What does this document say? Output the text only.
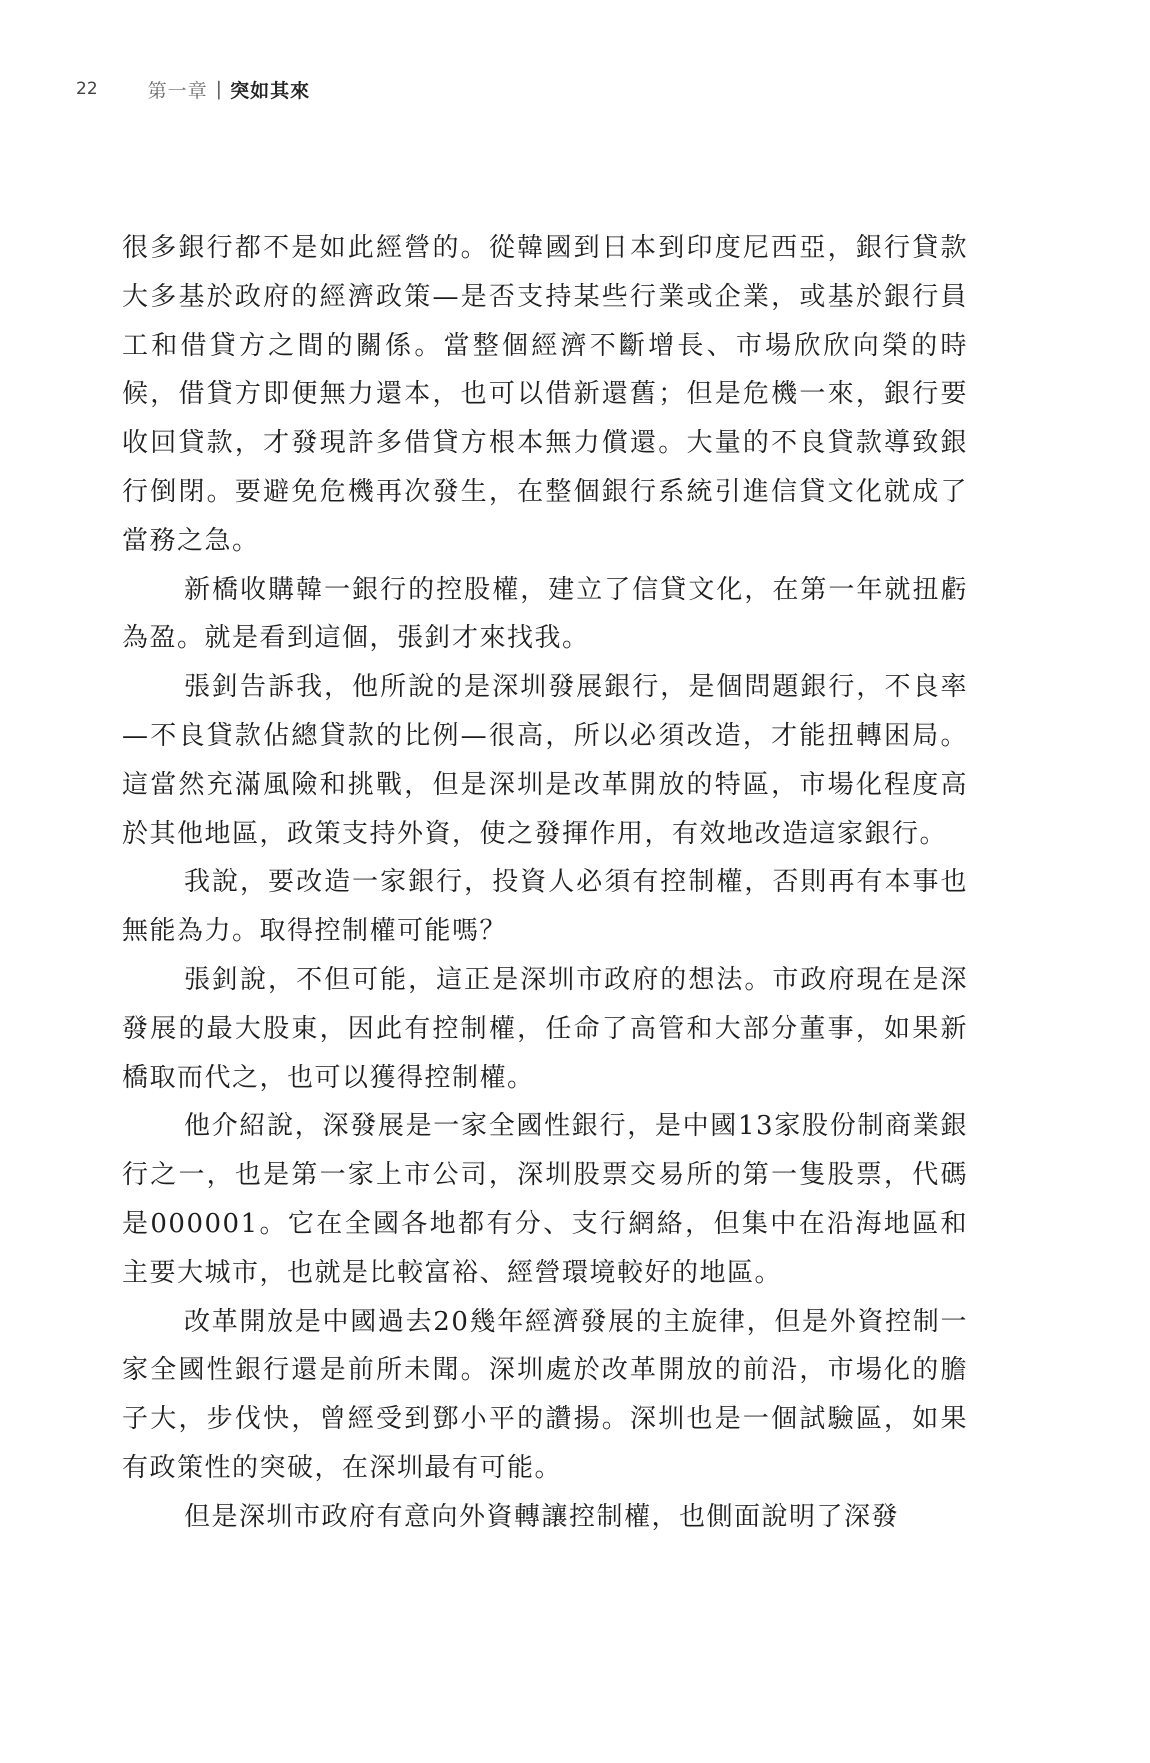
22	第一章 | 突如其來

很多銀行都不是如此經營的。從韓國到日本到印度尼西亞，銀行貸款大多基於政府的經濟政策—是否支持某些行業或企業，或基於銀行員工和借貸方之間的關係。當整個經濟不斷增長、市場欣欣向榮的時候，借貸方即便無力還本，也可以借新還舊；但是危機一來，銀行要收回貸款，才發現許多借貸方根本無力償還。大量的不良貸款導致銀行倒閉。要避免危機再次發生，在整個銀行系統引進信貸文化就成了當務之急。

新橋收購韓一銀行的控股權，建立了信貸文化，在第一年就扭虧為盈。就是看到這個，張釗才來找我。

張釗告訴我，他所說的是深圳發展銀行，是個問題銀行，不良率—不良貸款佔總貸款的比例—很高，所以必須改造，才能扭轉困局。這當然充滿風險和挑戰，但是深圳是改革開放的特區，市場化程度高於其他地區，政策支持外資，使之發揮作用，有效地改造這家銀行。

我說，要改造一家銀行，投資人必須有控制權，否則再有本事也無能為力。取得控制權可能嗎？

張釗說，不但可能，這正是深圳市政府的想法。市政府現在是深發展的最大股東，因此有控制權，任命了高管和大部分董事，如果新橋取而代之，也可以獲得控制權。

他介紹說，深發展是一家全國性銀行，是中國13家股份制商業銀行之一，也是第一家上市公司，深圳股票交易所的第一隻股票，代碼是000001。它在全國各地都有分、支行網絡，但集中在沿海地區和主要大城市，也就是比較富裕、經營環境較好的地區。

改革開放是中國過去20幾年經濟發展的主旋律，但是外資控制一家全國性銀行還是前所未聞。深圳處於改革開放的前沿，市場化的膽子大，步伐快，曾經受到鄧小平的讚揚。深圳也是一個試驗區，如果有政策性的突破，在深圳最有可能。

但是深圳市政府有意向外資轉讓控制權，也側面說明了深發
